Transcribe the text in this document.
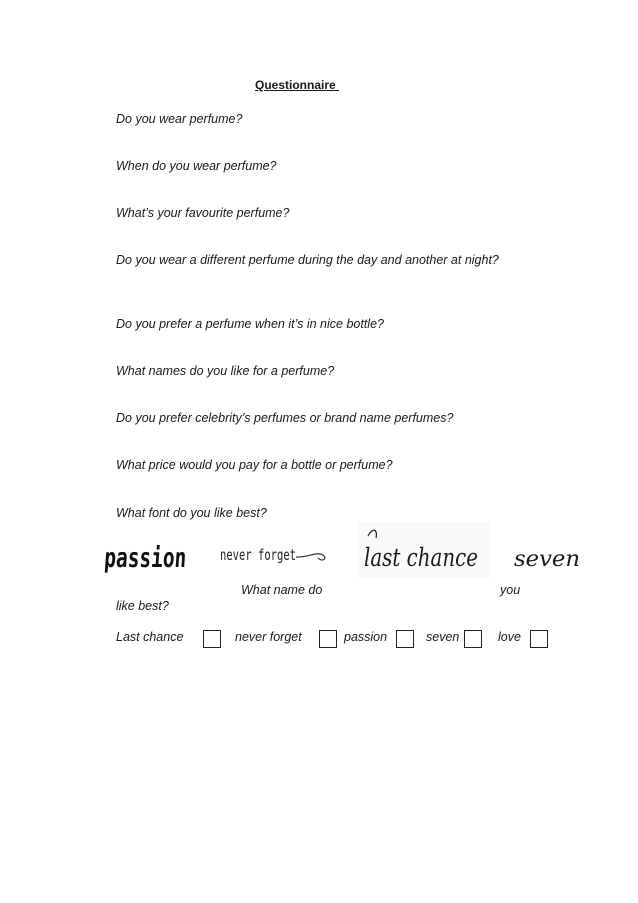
Questionnaire
Do you wear perfume?
When do you wear perfume?
What’s your favourite perfume?
Do you wear a different perfume during the day and another at night?
Do you prefer a perfume when it’s in nice bottle?
What names do you like for a perfume?
Do you prefer celebrity’s perfumes or brand name perfumes?
What price would you pay for a bottle or perfume?
What font do you like best?
passion never forget	last chance seven
What name do	you
like best?
Last chance	never forget	passion	seven	love
